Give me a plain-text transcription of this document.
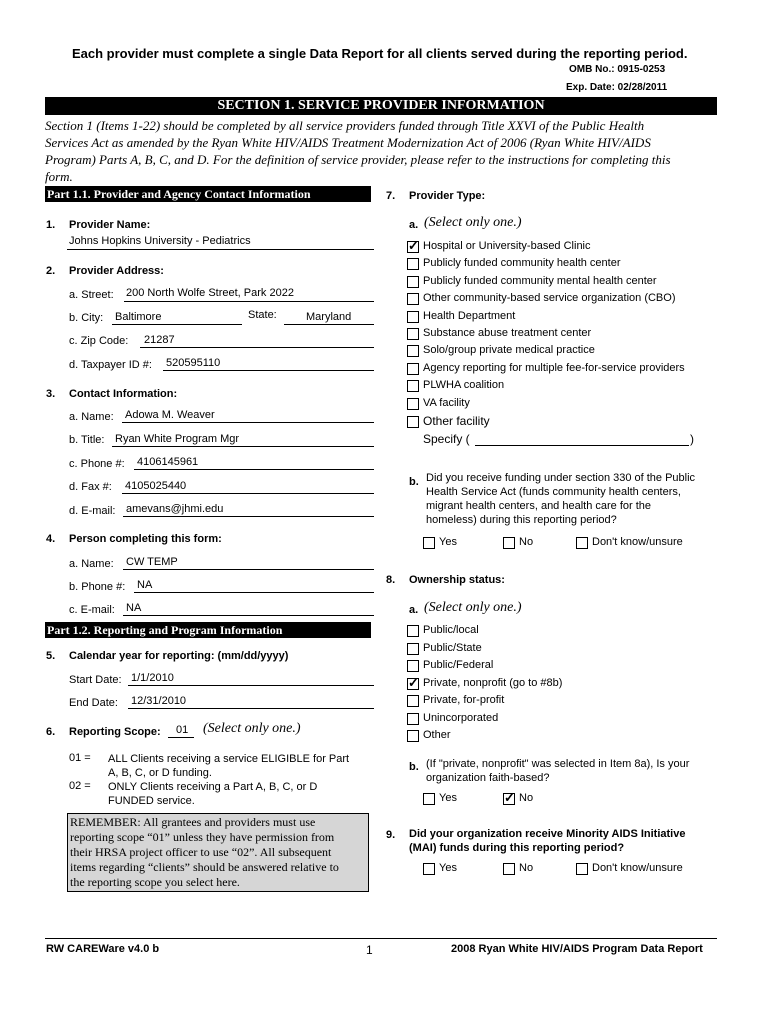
Each provider must complete a single Data Report for all clients served during the reporting period.
OMB No.: 0915-0253
Exp. Date: 02/28/2011
SECTION 1. SERVICE PROVIDER INFORMATION
Section 1 (Items 1-22) should be completed by all service providers funded through Title XXVI of the Public Health
Services Act as amended by the Ryan White HIV/AIDS Treatment Modernization Act of 2006 (Ryan White HIV/AIDS
Program) Parts A, B, C, and D. For the definition of service provider, please refer to the instructions for completing this
form.
Part 1.1. Provider and Agency Contact Information
1. Provider Name:
Johns Hopkins University - Pediatrics
2. Provider Address:
a. Street: 200 North Wolfe Street, Park 2022
b. City: Baltimore	State:	Maryland
c. Zip Code: 21287
d. Taxpayer ID #: 520595110
3. Contact Information:
a. Name: Adowa M. Weaver
b. Title: Ryan White Program Mgr
c. Phone #: 4106145961
d. Fax #: 4105025440
d. E-mail: amevans@jhmi.edu
4. Person completing this form:
a. Name: CW TEMP
b. Phone #: NA
c. E-mail: NA
Part 1.2. Reporting and Program Information
5. Calendar year for reporting: (mm/dd/yyyy)
Start Date: 1/1/2010
End Date: 12/31/2010
6. Reporting Scope: 01 (Select only one.)
01 = ALL Clients receiving a service ELIGIBLE for Part
A, B, C, or D funding.
02 = ONLY Clients receiving a Part A, B, C, or D
FUNDED service.
REMEMBER: All grantees and providers must use
reporting scope “01” unless they have permission from
their HRSA project officer to use “02”. All subsequent
items regarding “clients” should be answered relative to
the reporting scope you select here.
7. Provider Type:
a. (Select only one.)
✓
Hospital or University-based Clinic
Publicly funded community health center
Publicly funded community mental health center
Other community-based service organization (CBO)
Health Department
Substance abuse treatment center
Solo/group private medical practice
Agency reporting for multiple fee-for-service providers
PLWHA coalition
VA facility
Other facility
Specify (	)
b. Did you receive funding under section 330 of the Public
Health Service Act (funds community health centers,
migrant health centers, and health care for the
homeless) during this reporting period?
Yes	No	Don't know/unsure
8. Ownership status:
a. (Select only one.)
Public/local
Public/State
Public/Federal
✓
Private, nonprofit (go to #8b)
Private, for-profit
Unincorporated
Other
b. (If "private, nonprofit" was selected in Item 8a), Is your
organization faith-based?
Yes
✓	No
9. Did your organization receive Minority AIDS Initiative
(MAI) funds during this reporting period?
Yes	No	Don't know/unsure
RW CAREWare v4.0 b	1	2008 Ryan White HIV/AIDS Program Data Report
